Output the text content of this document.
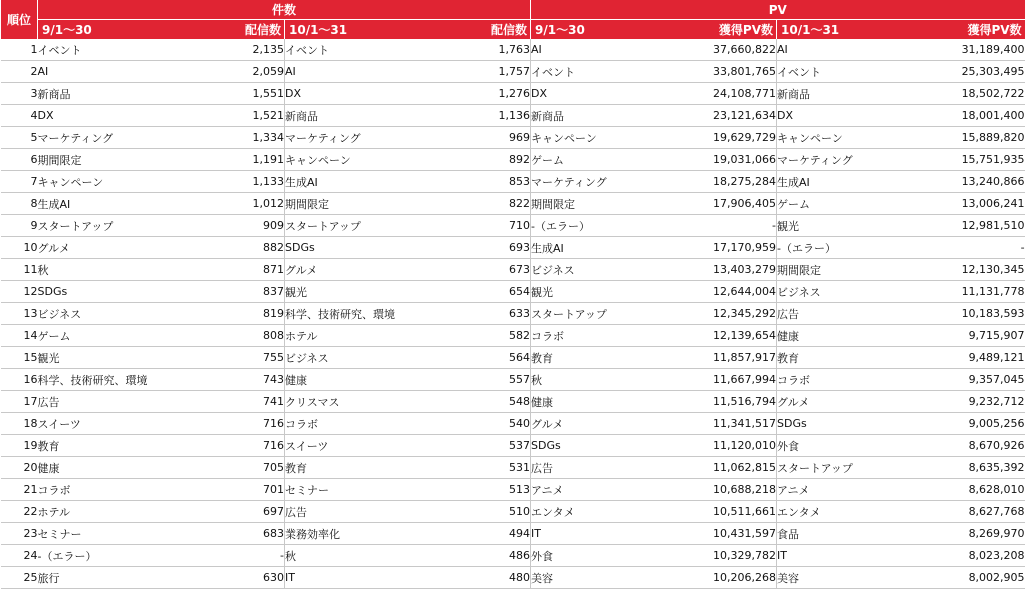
順位	件数				PV			
	9/1～30	配信数	10/1～31	配信数	9/1～30	獲得PV数	10/1～31	獲得PV数
1	イベント	2,135	イベント	1,763	AI	37,660,822	AI	31,189,400
2	AI	2,059	AI	1,757	イベント	33,801,765	イベント	25,303,495
3	新商品	1,551	DX	1,276	DX	24,108,771	新商品	18,502,722
4	DX	1,521	新商品	1,136	新商品	23,121,634	DX	18,001,400
5	マーケティング	1,334	マーケティング	969	キャンペーン	19,629,729	キャンペーン	15,889,820
6	期間限定	1,191	キャンペーン	892	ゲーム	19,031,066	マーケティング	15,751,935
7	キャンペーン	1,133	生成AI	853	マーケティング	18,275,284	生成AI	13,240,866
8	生成AI	1,012	期間限定	822	期間限定	17,906,405	ゲーム	13,006,241
9	スタートアップ	909	スタートアップ	710	-（エラー）	-	観光	12,981,510
10	グルメ	882	SDGs	693	生成AI	17,170,959	-（エラー）	-
11	秋	871	グルメ	673	ビジネス	13,403,279	期間限定	12,130,345
12	SDGs	837	観光	654	観光	12,644,004	ビジネス	11,131,778
13	ビジネス	819	科学、技術研究、環境	633	スタートアップ	12,345,292	広告	10,183,593
14	ゲーム	808	ホテル	582	コラボ	12,139,654	健康	9,715,907
15	観光	755	ビジネス	564	教育	11,857,917	教育	9,489,121
16	科学、技術研究、環境	743	健康	557	秋	11,667,994	コラボ	9,357,045
17	広告	741	クリスマス	548	健康	11,516,794	グルメ	9,232,712
18	スイーツ	716	コラボ	540	グルメ	11,341,517	SDGs	9,005,256
19	教育	716	スイーツ	537	SDGs	11,120,010	外食	8,670,926
20	健康	705	教育	531	広告	11,062,815	スタートアップ	8,635,392
21	コラボ	701	セミナー	513	アニメ	10,688,218	アニメ	8,628,010
22	ホテル	697	広告	510	エンタメ	10,511,661	エンタメ	8,627,768
23	セミナー	683	業務効率化	494	IT	10,431,597	食品	8,269,970
24	-（エラー）	-	秋	486	外食	10,329,782	IT	8,023,208
25	旅行	630	IT	480	美容	10,206,268	美容	8,002,905
